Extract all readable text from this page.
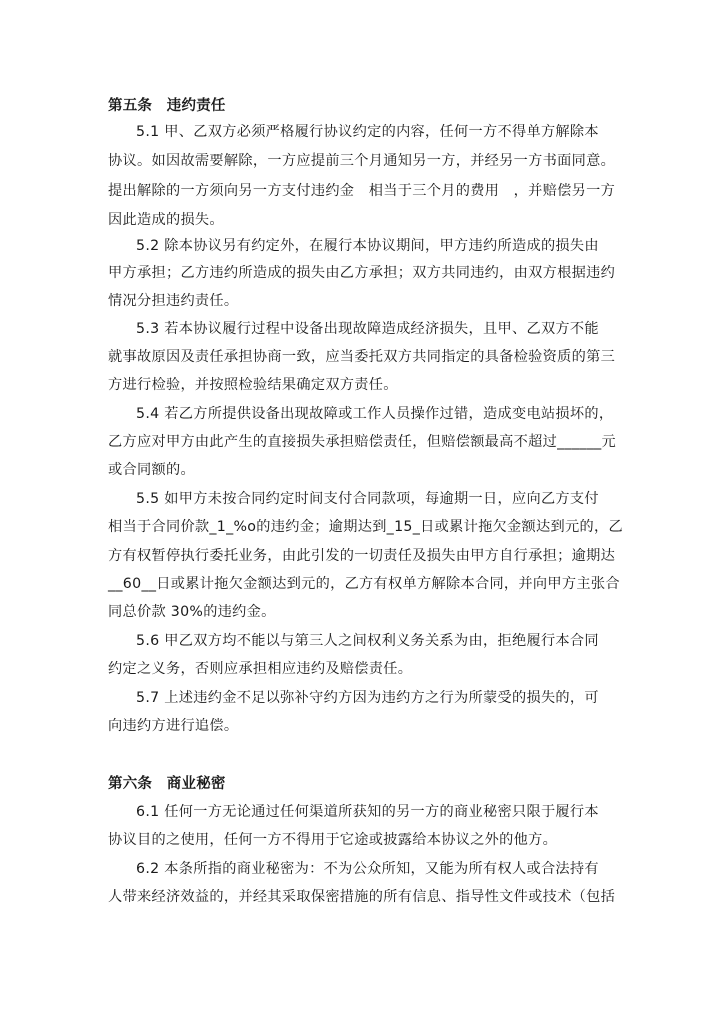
第五条　违约责任
5.1 甲、乙双方必须严格履行协议约定的内容，任何一方不得单方解除本
协议。如因故需要解除，一方应提前三个月通知另一方，并经另一方书面同意。
提出解除的一方须向另一方支付违约金　相当于三个月的费用　，并赔偿另一方
因此造成的损失。
5.2 除本协议另有约定外，在履行本协议期间，甲方违约所造成的损失由
甲方承担；乙方违约所造成的损失由乙方承担；双方共同违约，由双方根据违约
情况分担违约责任。
5.3 若本协议履行过程中设备出现故障造成经济损失，且甲、乙双方不能
就事故原因及责任承担协商一致，应当委托双方共同指定的具备检验资质的第三
方进行检验，并按照检验结果确定双方责任。
5.4 若乙方所提供设备出现故障或工作人员操作过错，造成变电站损坏的，
乙方应对甲方由此产生的直接损失承担赔偿责任，但赔偿额最高不超过______元
或合同额的。
5.5 如甲方未按合同约定时间支付合同款项，每逾期一日，应向乙方支付
相当于合同价款_1_%o的违约金；逾期达到_15_日或累计拖欠金额达到元的，乙
方有权暂停执行委托业务，由此引发的一切责任及损失由甲方自行承担；逾期达
__60__日或累计拖欠金额达到元的，乙方有权单方解除本合同，并向甲方主张合
同总价款 30%的违约金。
5.6 甲乙双方均不能以与第三人之间权利义务关系为由，拒绝履行本合同
约定之义务，否则应承担相应违约及赔偿责任。
5.7 上述违约金不足以弥补守约方因为违约方之行为所蒙受的损失的，可
向违约方进行追偿。
第六条　商业秘密
6.1 任何一方无论通过任何渠道所获知的另一方的商业秘密只限于履行本
协议目的之使用，任何一方不得用于它途或披露给本协议之外的他方。
6.2 本条所指的商业秘密为：不为公众所知，又能为所有权人或合法持有
人带来经济效益的，并经其采取保密措施的所有信息、指导性文件或技术（包括
